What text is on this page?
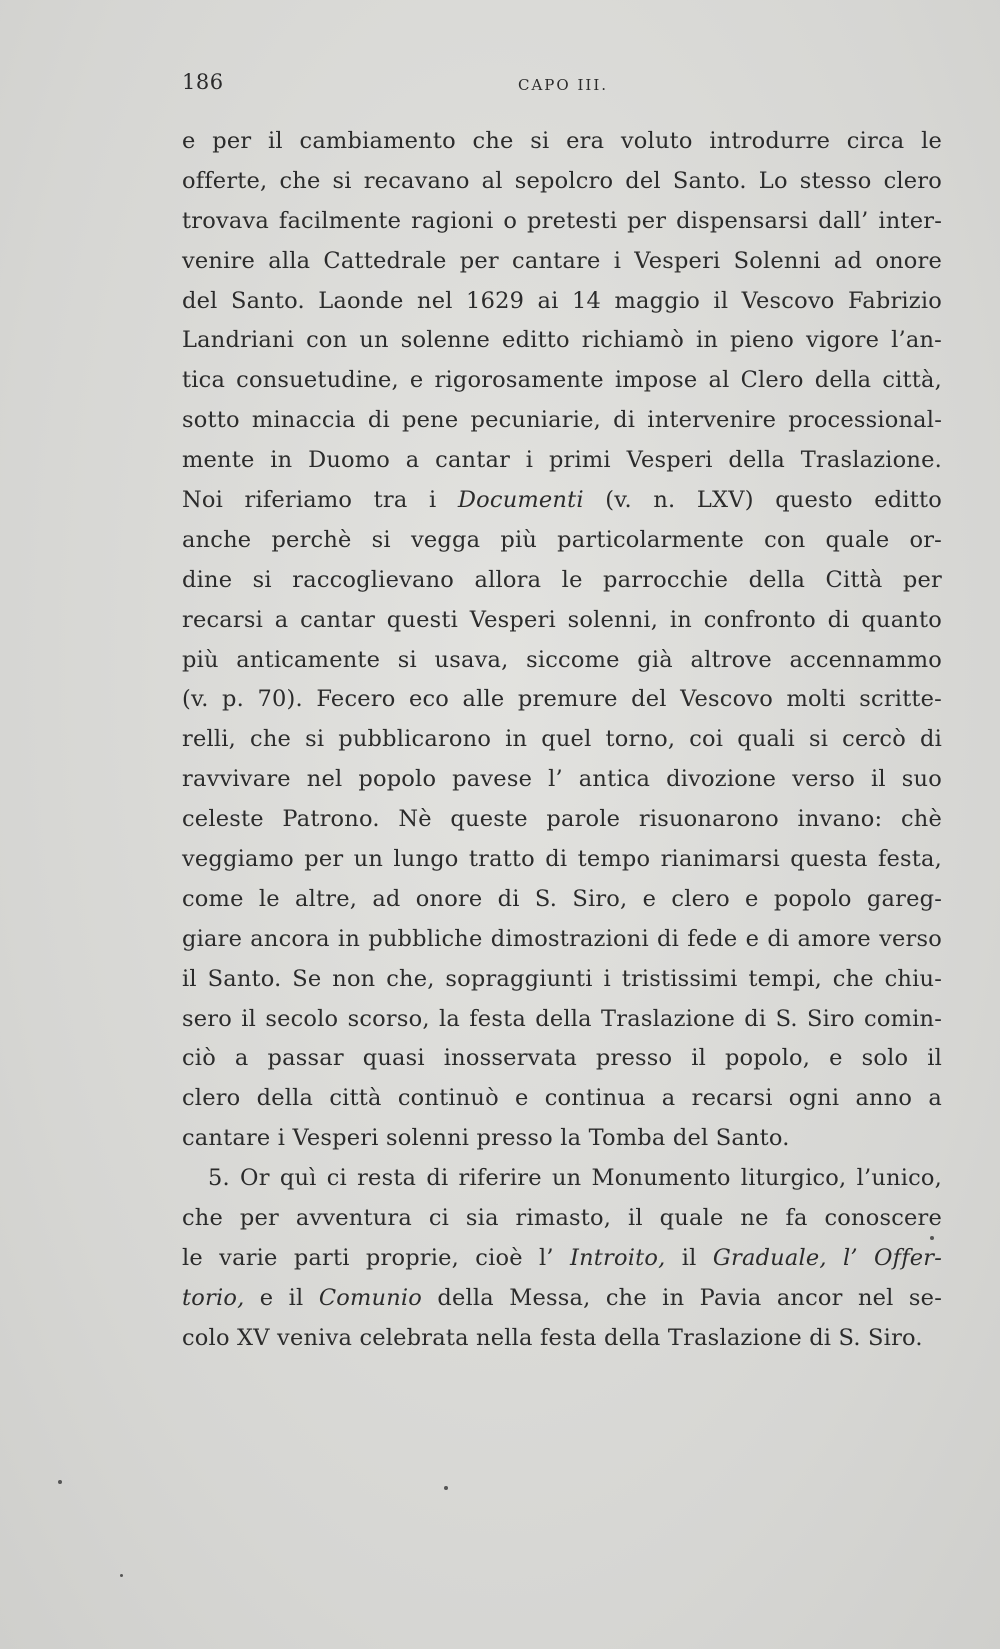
186	CAPO III.
e per il cambiamento che si era voluto introdurre circa le
offerte, che si recavano al sepolcro del Santo. Lo stesso clero
trovava facilmente ragioni o pretesti per dispensarsi dall’ inter-
venire alla Cattedrale per cantare i Vesperi Solenni ad onore
del Santo. Laonde nel 1629 ai 14 maggio il Vescovo Fabrizio
Landriani con un solenne editto richiamò in pieno vigore l’an-
tica consuetudine, e rigorosamente impose al Clero della città,
sotto minaccia di pene pecuniarie, di intervenire processional-
mente in Duomo a cantar i primi Vesperi della Traslazione.
Noi riferiamo tra i Documenti (v. n. LXV) questo editto
anche perchè si vegga più particolarmente con quale or-
dine si raccoglievano allora le parrocchie della Città per
recarsi a cantar questi Vesperi solenni, in confronto di quanto
più anticamente si usava, siccome già altrove accennammo
(v. p. 70). Fecero eco alle premure del Vescovo molti scritte-
relli, che si pubblicarono in quel torno, coi quali si cercò di
ravvivare nel popolo pavese l’ antica divozione verso il suo
celeste Patrono. Nè queste parole risuonarono invano: chè
veggiamo per un lungo tratto di tempo rianimarsi questa festa,
come le altre, ad onore di S. Siro, e clero e popolo gareg-
giare ancora in pubbliche dimostrazioni di fede e di amore verso
il Santo. Se non che, sopraggiunti i tristissimi tempi, che chiu-
sero il secolo scorso, la festa della Traslazione di S. Siro comin-
ciò a passar quasi inosservata presso il popolo, e solo il
clero della città continuò e continua a recarsi ogni anno a
cantare i Vesperi solenni presso la Tomba del Santo.
5. Or quì ci resta di riferire un Monumento liturgico, l’unico,
che per avventura ci sia rimasto, il quale ne fa conoscere
le varie parti proprie, cioè l’ Introito, il Graduale, l’ Offer-
torio, e il Comunio della Messa, che in Pavia ancor nel se-
colo XV veniva celebrata nella festa della Traslazione di S. Siro.
